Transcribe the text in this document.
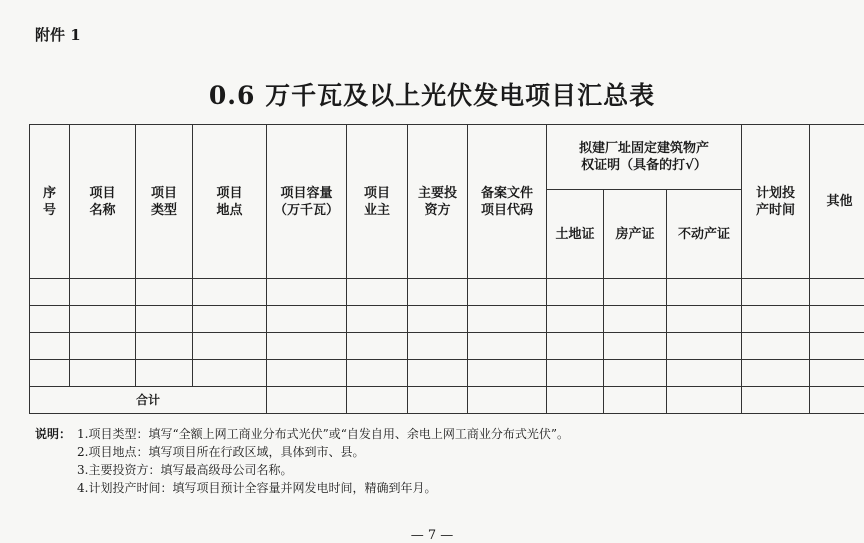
附件 1
0.6 万千瓦及以上光伏发电项目汇总表
序号	项目名称	项目类型	项目地点	项目容量（万千瓦）	项目业主	主要投资方	备案文件项目代码	拟建厂址固定建筑物产权证明（具备的打√）			计划投产时间	其他
								土地证	房产证	不动产证		

合计												
说明： 1.项目类型：填写“全额上网工商业分布式光伏”或“自发自用、余电上网工商业分布式光伏”。
2.项目地点：填写项目所在行政区域，具体到市、县。
3.主要投资方：填写最高级母公司名称。
4.计划投产时间：填写项目预计全容量并网发电时间，精确到年月。
— 7 —
